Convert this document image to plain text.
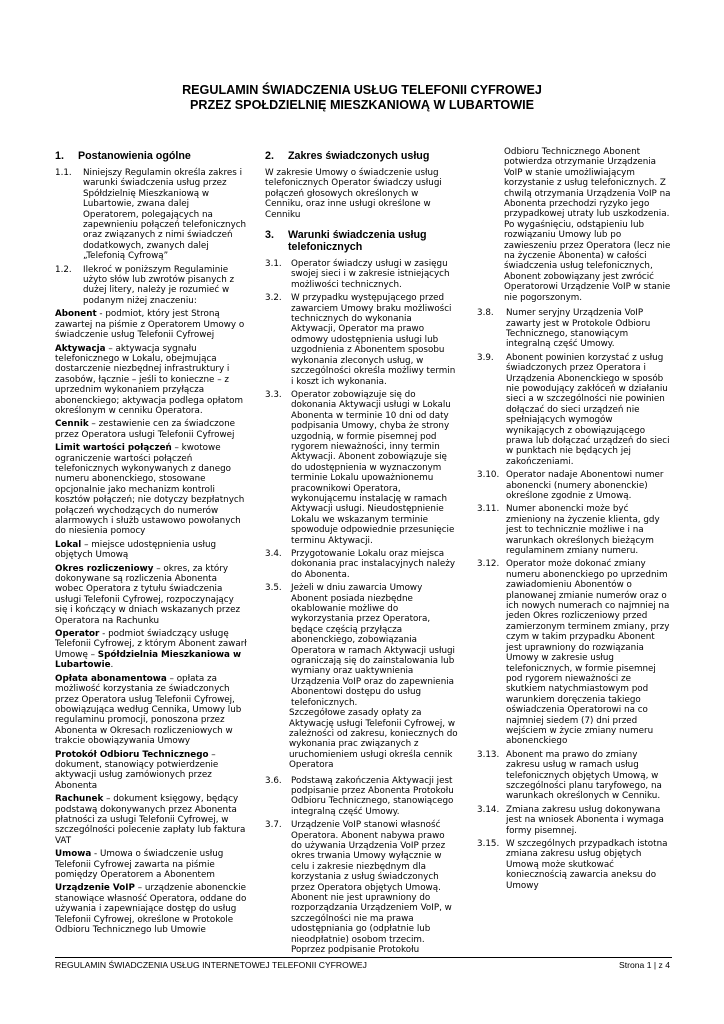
REGULAMIN ŚWIADCZENIA USŁUG TELEFONII CYFROWEJ
PRZEZ SPOŁDZIELNIĘ MIESZKANIOWĄ W LUBARTOWIE
1.	Postanowienia ogólne
1.1.	Niniejszy Regulamin określa zakres i warunki świadczenia usług przez Spółdzielnię Mieszkaniową w Lubartowie, zwana dalej Operatorem, polegających na zapewnieniu połączeń telefonicznych oraz związanych z nimi świadczeń dodatkowych, zwanych dalej „Telefonią Cyfrową”
1.2.	Ilekroć w poniższym Regulaminie użyto słów lub zwrotów pisanych z dużej litery, należy je rozumieć w podanym niżej znaczeniu:
Abonent - podmiot, który jest Stroną zawartej na piśmie z Operatorem Umowy o świadczenie usług Telefonii Cyfrowej
Aktywacja – aktywacja sygnału telefonicznego w Lokalu, obejmująca dostarczenie niezbędnej infrastruktury i zasobów, łącznie – jeśli to konieczne – z uprzednim wykonaniem przyłącza abonenckiego; aktywacja podlega opłatom określonym w cenniku Operatora.
Cennik – zestawienie cen za świadczone przez Operatora usługi Telefonii Cyfrowej
Limit wartości połączeń – kwotowe ograniczenie wartości połączeń telefonicznych wykonywanych z danego numeru abonenckiego, stosowane opcjonalnie jako mechanizm kontroli kosztów połączeń; nie dotyczy bezpłatnych połączeń wychodzących do numerów alarmowych i służb ustawowo powołanych do niesienia pomocy
Lokal – miejsce udostępnienia usług objętych Umową
Okres rozliczeniowy – okres, za który dokonywane są rozliczenia Abonenta wobec Operatora z tytułu świadczenia usługi Telefonii Cyfrowej, rozpoczynający się i kończący w dniach wskazanych przez Operatora na Rachunku
Operator - podmiot świadczący usługę Telefonii Cyfrowej, z którym Abonent zawarł Umowę – Spółdzielnia Mieszkaniowa w Lubartowie.
Opłata abonamentowa – opłata za możliwość korzystania ze świadczonych przez Operatora usług Telefonii Cyfrowej, obowiązująca według Cennika, Umowy lub regulaminu promocji, ponoszona przez Abonenta w Okresach rozliczeniowych w trakcie obowiązywania Umowy
Protokół Odbioru Technicznego – dokument, stanowiący potwierdzenie aktywacji usług zamówionych przez Abonenta
Rachunek – dokument księgowy, będący podstawą dokonywanych przez Abonenta płatności za usługi Telefonii Cyfrowej, w szczególności polecenie zapłaty lub faktura VAT
Umowa - Umowa o świadczenie usług Telefonii Cyfrowej zawarta na piśmie pomiędzy Operatorem a Abonentem
Urządzenie VoIP – urządzenie abonenckie stanowiące własność Operatora, oddane do używania i zapewniające dostęp do usług Telefonii Cyfrowej, określone w Protokole Odbioru Technicznego lub Umowie
2.	Zakres świadczonych usług

W zakresie Umowy o świadczenie usług telefonicznych Operator świadczy usługi połączeń głosowych określonych w Cenniku, oraz inne usługi określone w Cenniku

3.	Warunki świadczenia usług telefonicznych
3.1.	Operator świadczy usługi w zasięgu swojej sieci i w zakresie istniejących możliwości technicznych.
3.2.	W przypadku występującego przed zawarciem Umowy braku możliwości technicznych do wykonania Aktywacji, Operator ma prawo odmowy udostępnienia usługi lub uzgodnienia z Abonentem sposobu wykonania zleconych usług, w szczególności określa możliwy termin i koszt ich wykonania.
3.3.	Operator zobowiązuje się do dokonania Aktywacji usługi w Lokalu Abonenta w terminie 10 dni od daty podpisania Umowy, chyba że strony uzgodnią, w formie pisemnej pod rygorem nieważności, inny termin Aktywacji. Abonent zobowiązuje się do udostępnienia w wyznaczonym terminie Lokalu upoważnionemu pracownikowi Operatora, wykonującemu instalację w ramach Aktywacji usługi. Nieudostępnienie Lokalu we wskazanym terminie spowoduje odpowiednie przesunięcie terminu Aktywacji.
3.4.	Przygotowanie Lokalu oraz miejsca dokonania prac instalacyjnych należy do Abonenta.
3.5.	Jeżeli w dniu zawarcia Umowy Abonent posiada niezbędne okablowanie możliwe do wykorzystania przez Operatora, będące częścią przyłącza abonenckiego, zobowiązania Operatora w ramach Aktywacji usługi ograniczają się do zainstalowania lub wymiany oraz uaktywnienia Urządzenia VoIP oraz do zapewnienia Abonentowi dostępu do usług telefonicznych.
Szczegółowe zasady opłaty za Aktywację usługi Telefonii Cyfrowej, w zależności od zakresu, koniecznych do wykonania prac związanych z uruchomieniem usługi określa cennik Operatora
3.6.	Podstawą zakończenia Aktywacji jest podpisanie przez Abonenta Protokołu Odbioru Technicznego, stanowiącego integralną część Umowy.
3.7.	Urządzenie VoIP stanowi własność Operatora. Abonent nabywa prawo do używania Urządzenia VoIP przez okres trwania Umowy wyłącznie w celu i zakresie niezbędnym dla korzystania z usług świadczonych przez Operatora objętych Umową. Abonent nie jest uprawniony do rozporządzania Urządzeniem VoIP, w szczególności nie ma prawa udostępniania go (odpłatnie lub nieodpłatnie) osobom trzecim. Poprzez podpisanie Protokołu
Odbioru Technicznego Abonent potwierdza otrzymanie Urządzenia VoIP w stanie umożliwiającym korzystanie z usług telefonicznych. Z chwilą otrzymania Urządzenia VoIP na Abonenta przechodzi ryzyko jego przypadkowej utraty lub uszkodzenia. Po wygaśnięciu, odstąpieniu lub rozwiązaniu Umowy lub po zawieszeniu przez Operatora (lecz nie na życzenie Abonenta) w całości świadczenia usług telefonicznych, Abonent zobowiązany jest zwrócić Operatorowi Urządzenie VoIP w stanie nie pogorszonym.
3.8.	Numer seryjny Urządzenia VoIP zawarty jest w Protokole Odbioru Technicznego, stanowiącym integralną część Umowy.
3.9.	Abonent powinien korzystać z usług świadczonych przez Operatora i Urządzenia Abonenckiego w sposób nie powodujący zakłóceń w działaniu sieci a w szczególności nie powinien dołączać do sieci urządzeń nie spełniających wymogów wynikających z obowiązującego prawa lub dołączać urządzeń do sieci w punktach nie będących jej zakończeniami.
3.10. Operator nadaje Abonentowi numer abonencki (numery abonenckie) określone zgodnie z Umową.
3.11. Numer abonencki może być zmieniony na życzenie klienta, gdy jest to technicznie możliwe i na warunkach określonych bieżącym regulaminem zmiany numeru.
3.12. Operator może dokonać zmiany numeru abonenckiego po uprzednim zawiadomieniu Abonentów o planowanej zmianie numerów oraz o ich nowych numerach co najmniej na jeden Okres rozliczeniowy przed zamierzonym terminem zmiany, przy czym w takim przypadku Abonent jest uprawniony do rozwiązania Umowy w zakresie usług telefonicznych, w formie pisemnej pod rygorem nieważności ze skutkiem natychmiastowym pod warunkiem doręczenia takiego oświadczenia Operatorowi na co najmniej siedem (7) dni przed wejściem w życie zmiany numeru abonenckiego
3.13. Abonent ma prawo do zmiany zakresu usług w ramach usług telefonicznych objętych Umową, w szczególności planu taryfowego, na warunkach określonych w Cenniku.
3.14. Zmiana zakresu usług dokonywana jest na wniosek Abonenta i wymaga formy pisemnej.
3.15. W szczególnych przypadkach istotna zmiana zakresu usług objętych Umową może skutkować koniecznością zawarcia aneksu do Umowy
REGULAMIN ŚWIADCZENIA USŁUG INTERNETOWEJ TELEFONII CYFROWEJ	Strona 1 | z 4
